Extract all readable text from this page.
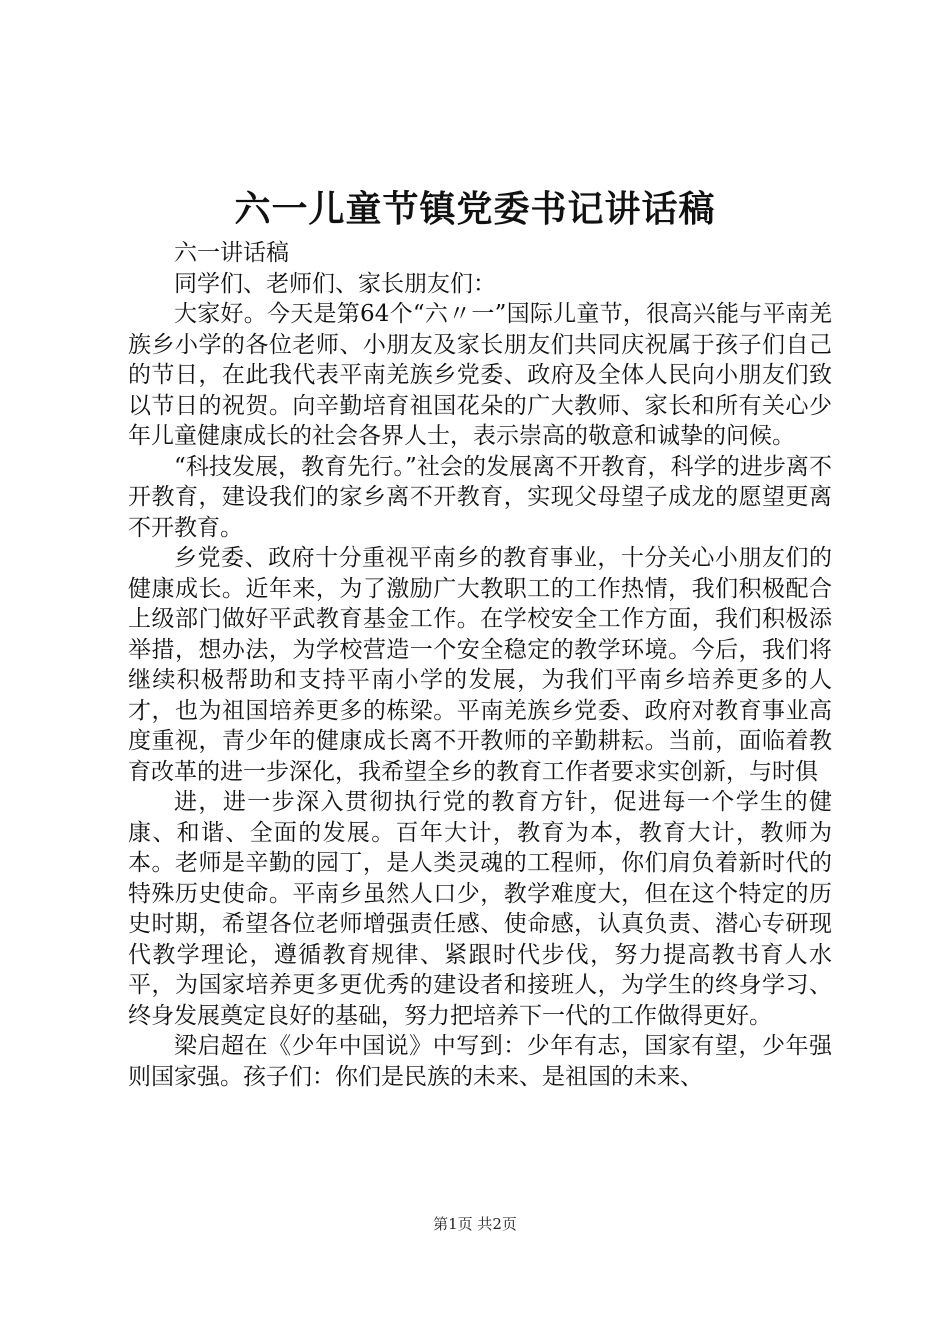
六一儿童节镇党委书记讲话稿

六一讲话稿

同学们、老师们、家长朋友们：

大家好。今天是第64个“六〃一”国际儿童节，很高兴能与平南羌族乡小学的各位老师、小朋友及家长朋友们共同庆祝属于孩子们自己的节日，在此我代表平南羌族乡党委、政府及全体人民向小朋友们致以节日的祝贺。向辛勤培育祖国花朵的广大教师、家长和所有关心少年儿童健康成长的社会各界人士，表示崇高的敬意和诚挚的问候。

“科技发展，教育先行。”社会的发展离不开教育，科学的进步离不开教育，建设我们的家乡离不开教育，实现父母望子成龙的愿望更离不开教育。

乡党委、政府十分重视平南乡的教育事业，十分关心小朋友们的健康成长。近年来，为了激励广大教职工的工作热情，我们积极配合上级部门做好平武教育基金工作。在学校安全工作方面，我们积极添举措，想办法，为学校营造一个安全稳定的教学环境。今后，我们将继续积极帮助和支持平南小学的发展，为我们平南乡培养更多的人才，也为祖国培养更多的栋梁。平南羌族乡党委、政府对教育事业高度重视，青少年的健康成长离不开教师的辛勤耕耘。当前，面临着教育改革的进一步深化，我希望全乡的教育工作者要求实创新，与时俱

进，进一步深入贯彻执行党的教育方针，促进每一个学生的健康、和谐、全面的发展。百年大计，教育为本，教育大计，教师为本。老师是辛勤的园丁，是人类灵魂的工程师，你们肩负着新时代的特殊历史使命。平南乡虽然人口少，教学难度大，但在这个特定的历史时期，希望各位老师增强责任感、使命感，认真负责、潜心专研现代教学理论，遵循教育规律、紧跟时代步伐，努力提高教书育人水平，为国家培养更多更优秀的建设者和接班人，为学生的终身学习、终身发展奠定良好的基础，努力把培养下一代的工作做得更好。

梁启超在《少年中国说》中写到：少年有志，国家有望，少年强则国家强。孩子们：你们是民族的未来、是祖国的未来、

第1页 共2页
